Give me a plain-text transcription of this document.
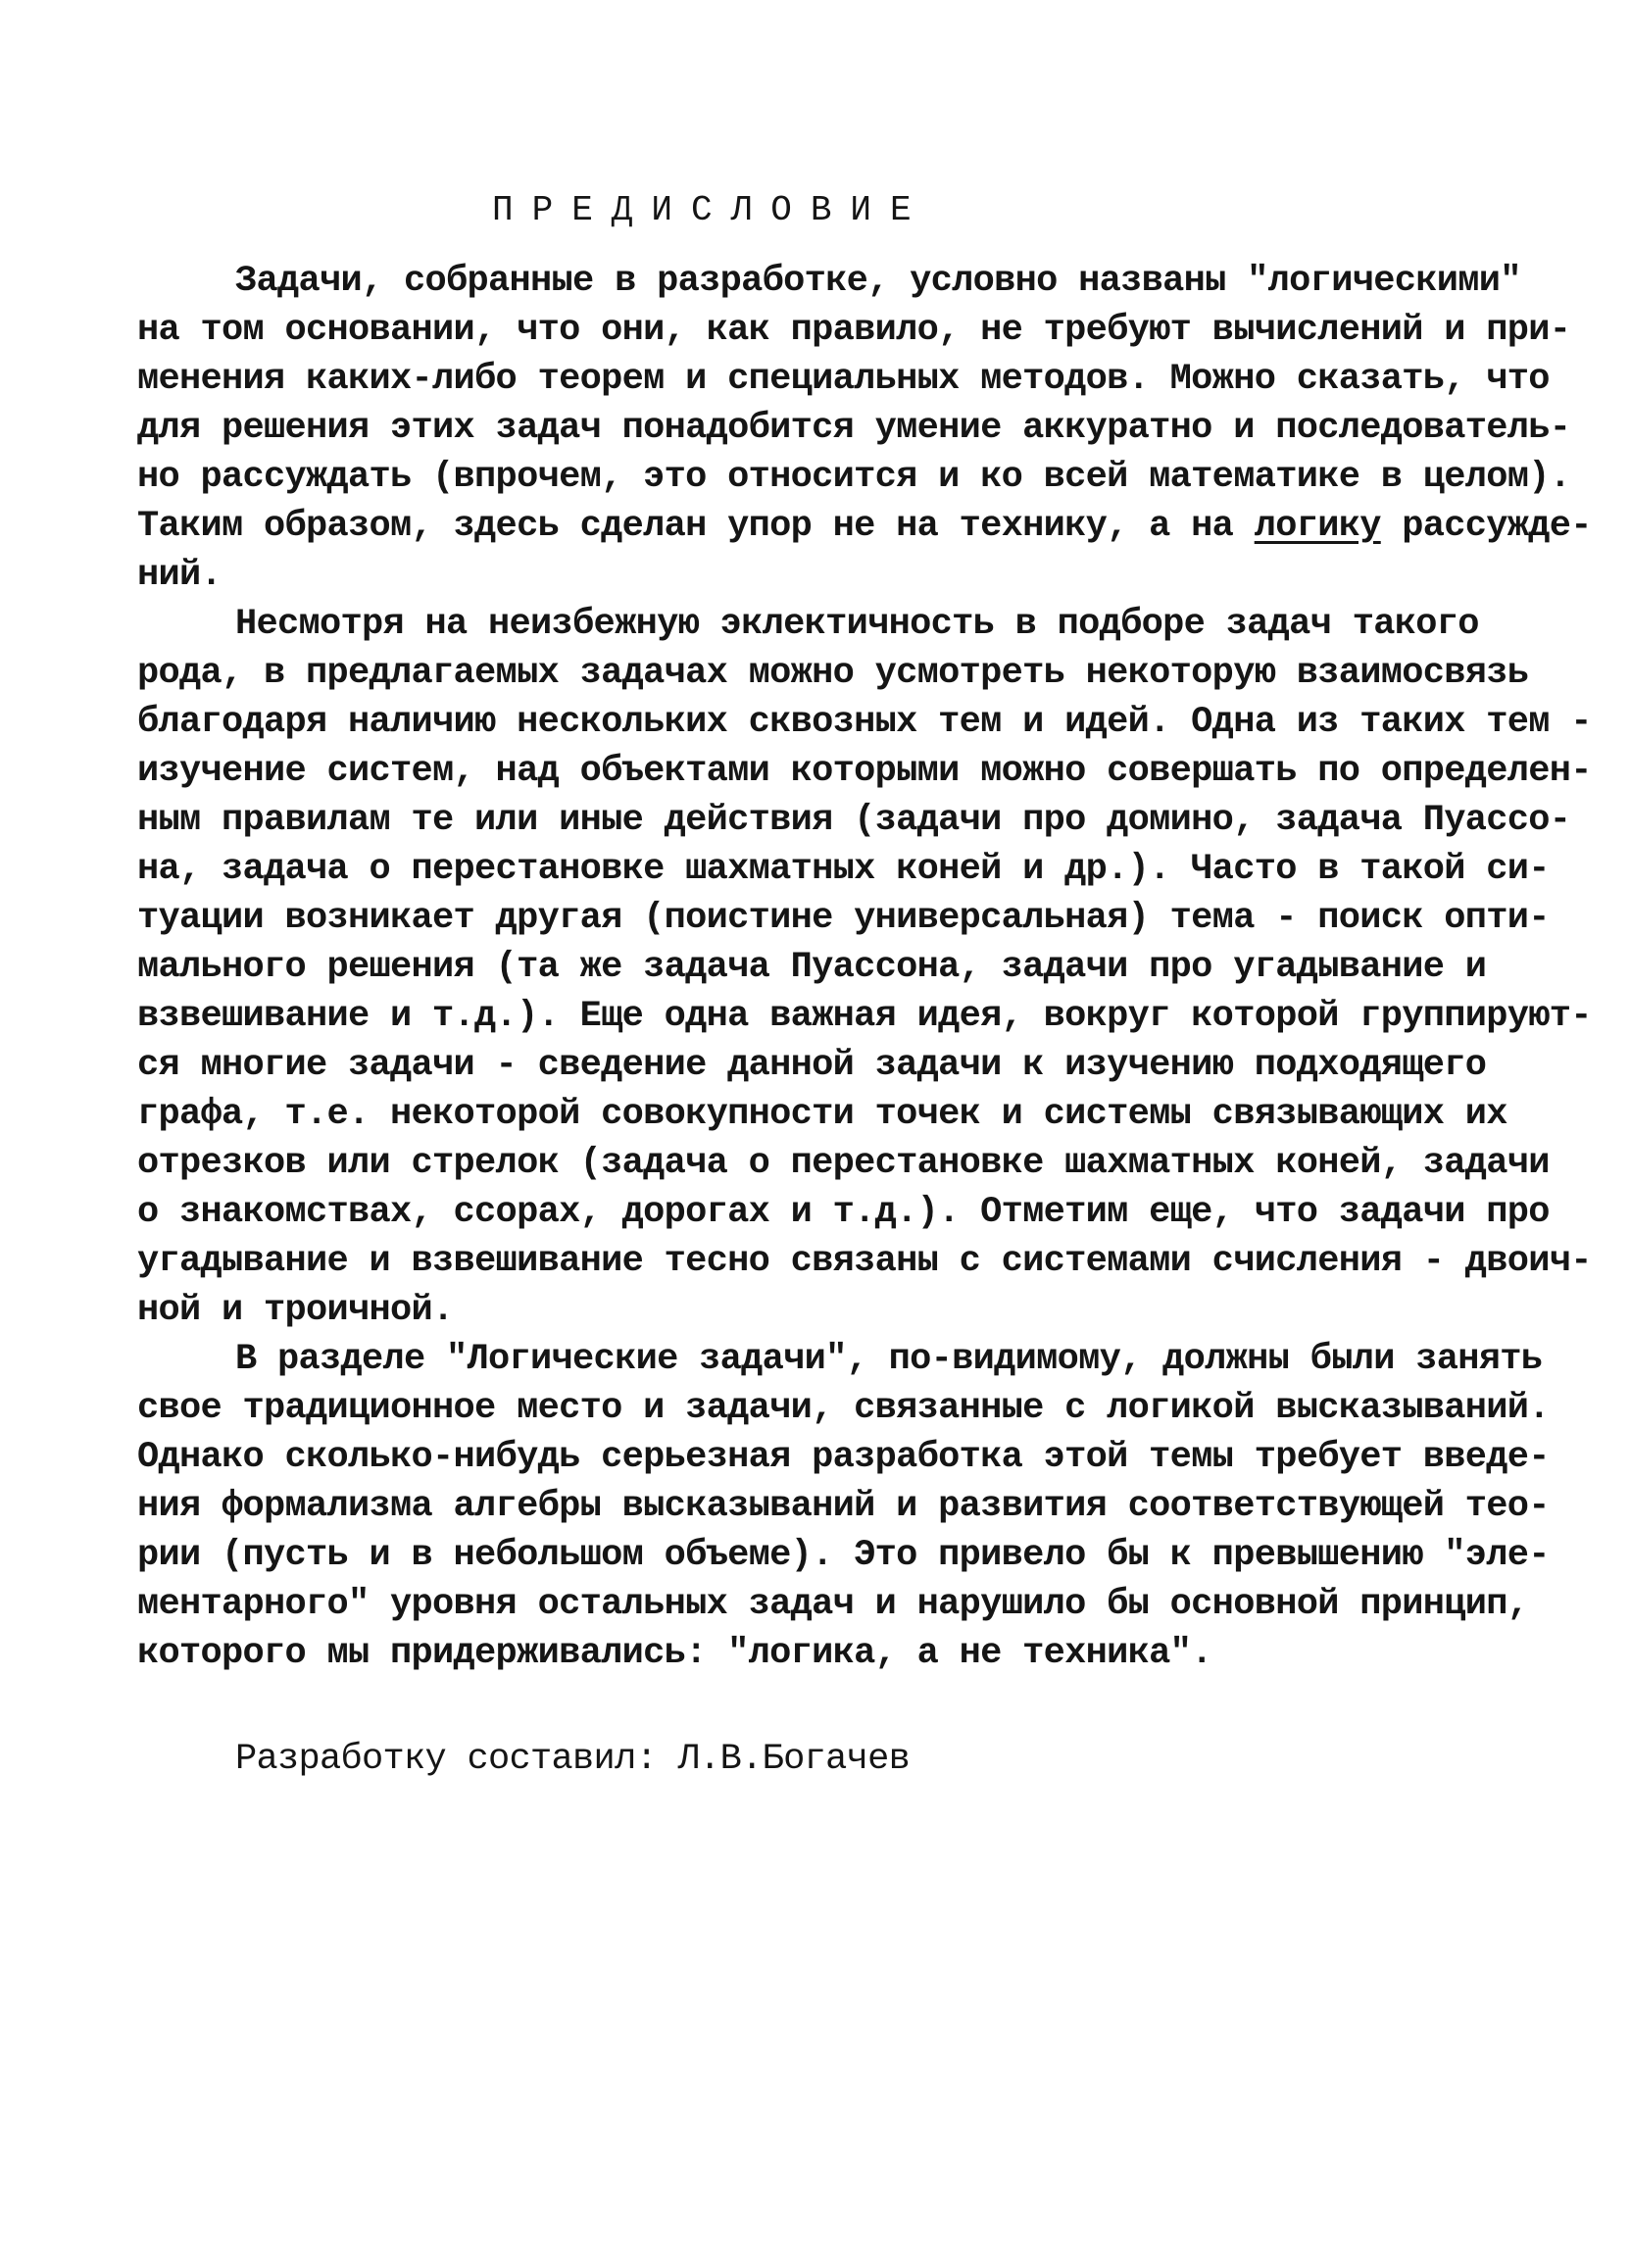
ПРЕДИСЛОВИЕ
Задачи, собранные в разработке, условно названы "логическими"
на том основании, что они, как правило, не требуют вычислений и при-
менения каких-либо теорем и специальных методов. Можно сказать, что
для решения этих задач понадобится умение аккуратно и последователь-
но рассуждать (впрочем, это относится и ко всей математике в целом).
Таким образом, здесь сделан упор не на технику, а на логику рассужде-
ний.
Несмотря на неизбежную эклектичность в подборе задач такого
рода, в предлагаемых задачах можно усмотреть некоторую взаимосвязь
благодаря наличию нескольких сквозных тем и идей. Одна из таких тем -
изучение систем, над объектами которыми можно совершать по определен-
ным правилам те или иные действия (задачи про домино, задача Пуассо-
на, задача о перестановке шахматных коней и др.). Часто в такой си-
туации возникает другая (поистине универсальная) тема - поиск опти-
мального решения (та же задача Пуассона, задачи про угадывание и
взвешивание и т.д.). Еще одна важная идея, вокруг которой группируют-
ся многие задачи - сведение данной задачи к изучению подходящего
графа, т.е. некоторой совокупности точек и системы связывающих их
отрезков или стрелок (задача о перестановке шахматных коней, задачи
о знакомствах, ссорах, дорогах и т.д.). Отметим еще, что задачи про
угадывание и взвешивание тесно связаны с системами счисления - двоич-
ной и троичной.
В разделе "Логические задачи", по-видимому, должны были занять
свое традиционное место и задачи, связанные с логикой высказываний.
Однако сколько-нибудь серьезная разработка этой темы требует введе-
ния формализма алгебры высказываний и развития соответствующей тео-
рии (пусть и в небольшом объеме). Это привело бы к превышению "эле-
ментарного" уровня остальных задач и нарушило бы основной принцип,
которого мы придерживались: "логика, а не техника".
Разработку составил: Л.В.Богачев
